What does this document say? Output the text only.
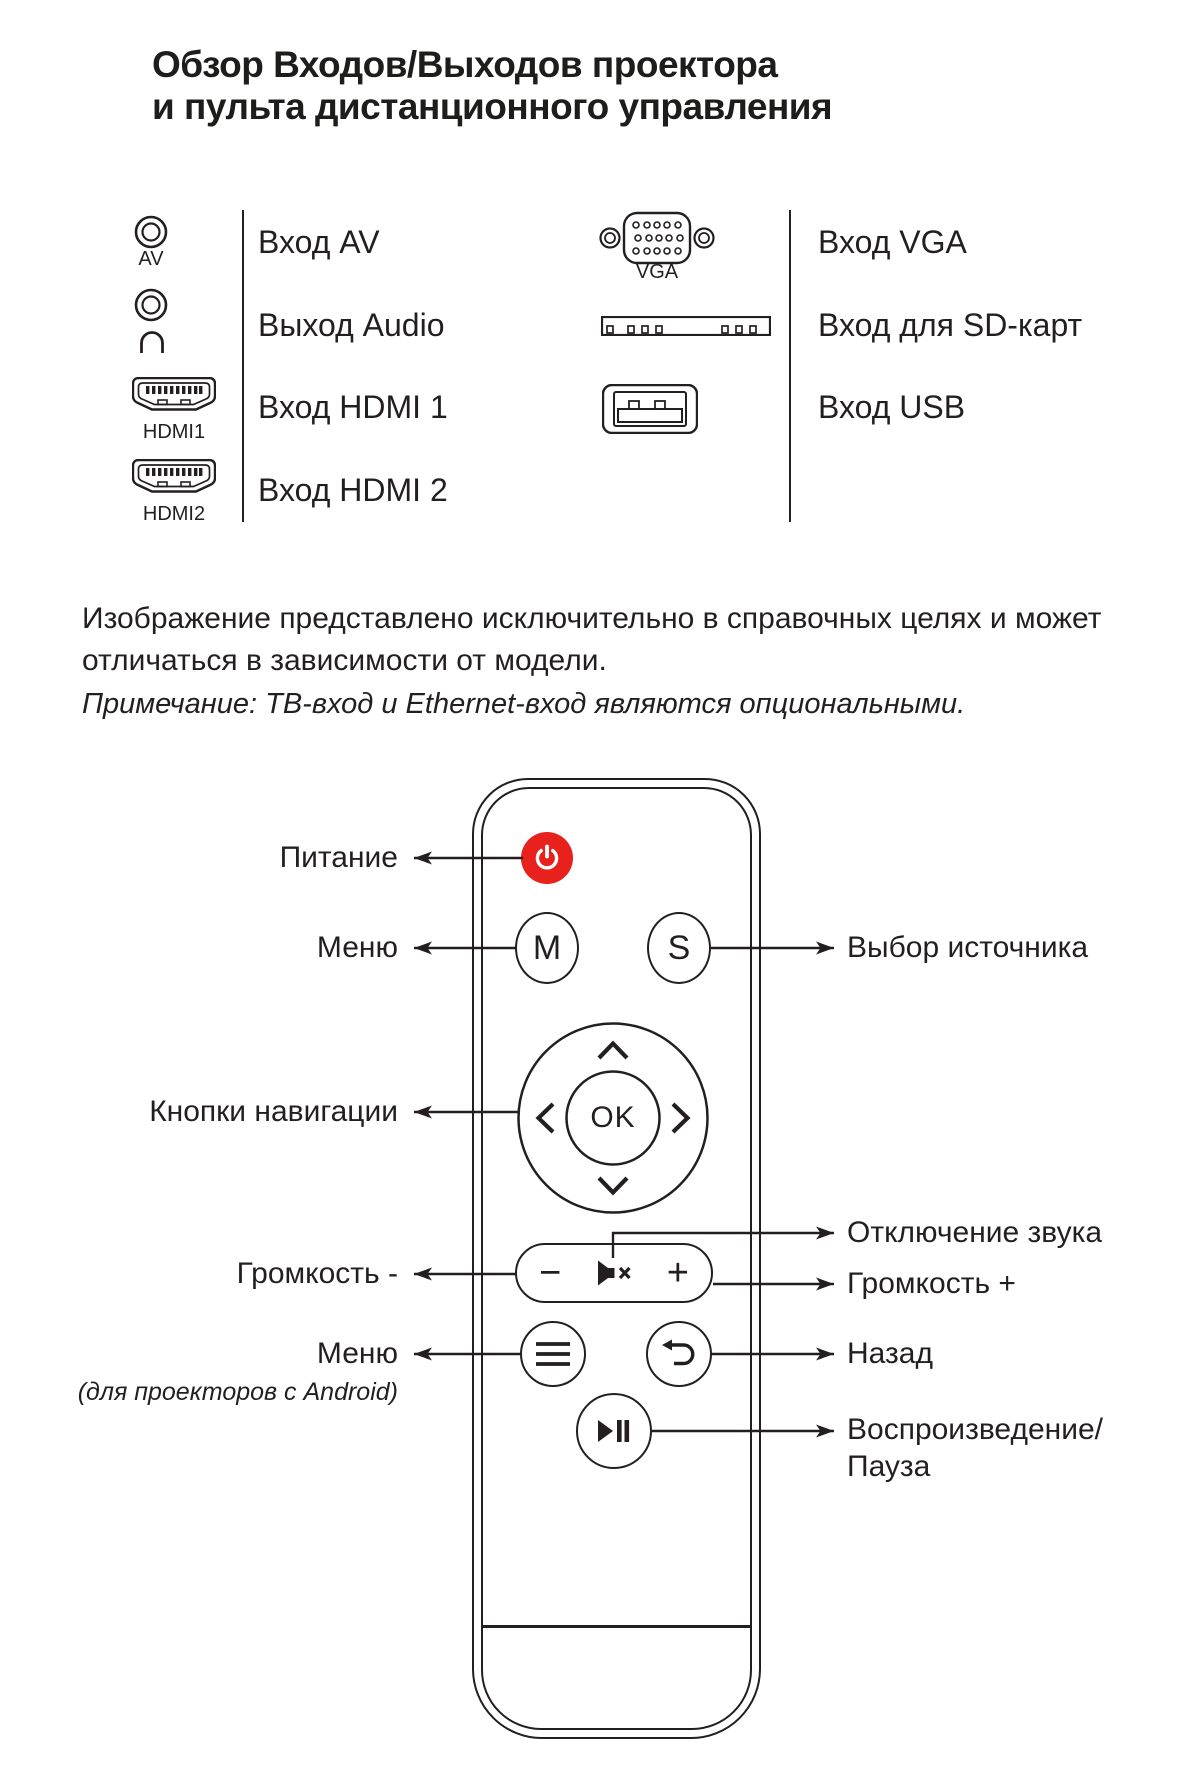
Обзор Входов/Выходов проектора
и пульта дистанционного управления
AV	Вход AV
Выход Audio
HDMI1
Вход HDMI 1
HDMI2
Вход HDMI 2
VGA
Вход VGA
Вход для SD-карт
Вход USB
Изображение представлено исключительно в справочных целях и может
отличаться в зависимости от модели.
Примечание: ТВ-вход и Ethernet-вход являются опциональными.
M	S
OK
−	+
Питание
Меню
Кнопки навигации
Громкость -
Меню
(для проекторов с Android)
Выбор источника
Отключение звука
Громкость +
Назад
Воспроизведение/
Пауза
